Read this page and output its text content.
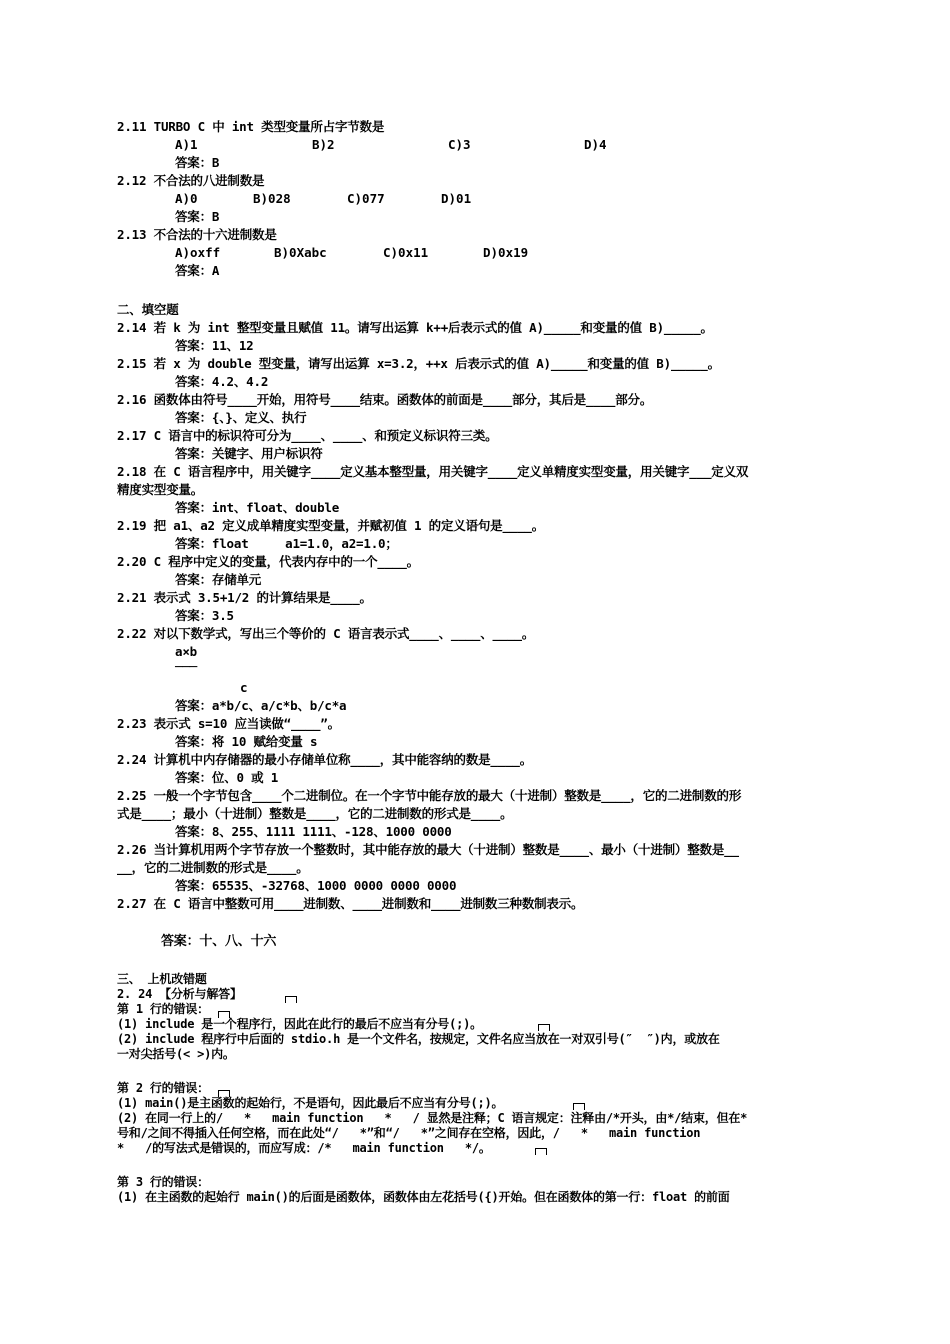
2.11 TURBO C 中 int 类型变量所占字节数是
A)1	B)2	C)3	D)4
答案：B
2.12 不合法的八进制数是
A)0	B)028	C)077	D)01
答案：B
2.13 不合法的十六进制数是
A)oxff	B)0Xabc	C)0x11	D)0x19
答案：A
二、填空题
2.14 若 k 为 int 整型变量且赋值 11。请写出运算 k++后表示式的值 A)_____和变量的值 B)_____。
答案：11、12
2.15 若 x 为 double 型变量，请写出运算 x=3.2，++x 后表示式的值 A)_____和变量的值 B)_____。
答案：4.2、4.2
2.16 函数体由符号____开始，用符号____结束。函数体的前面是____部分，其后是____部分。
答案：{、}、定义、执行
2.17 C 语言中的标识符可分为____、____、和预定义标识符三类。
答案：关键字、用户标识符
2.18 在 C 语言程序中，用关键字____定义基本整型量，用关键字____定义单精度实型变量，用关键字___定义双
精度实型变量。
答案：int、float、double
2.19 把 a1、a2 定义成单精度实型变量，并赋初值 1 的定义语句是____。
答案：float     a1=1.0，a2=1.0；
2.20 C 程序中定义的变量，代表内存中的一个____。
答案：存储单元
2.21 表示式 3.5+1/2 的计算结果是____。
答案：3.5
2.22 对以下数学式，写出三个等价的 C 语言表示式____、____、____。
a×b
───
c
答案：a*b/c、a/c*b、b/c*a
2.23 表示式 s=10 应当读做“____”。
答案：将 10 赋给变量 s
2.24 计算机中内存储器的最小存储单位称____，其中能容纳的数是____。
答案：位、0 或 1
2.25 一般一个字节包含____个二进制位。在一个字节中能存放的最大（十进制）整数是____，它的二进制数的形
式是____；最小（十进制）整数是____，它的二进制数的形式是____。
答案：8、255、1111 1111、-128、1000 0000
2.26 当计算机用两个字节存放一个整数时，其中能存放的最大（十进制）整数是____、最小（十进制）整数是__
__，它的二进制数的形式是____。
答案：65535、-32768、1000 0000 0000 0000
2.27 在 C 语言中整数可用____进制数、____进制数和____进制数三种数制表示。
答案：十、八、十六
三、 上机改错题
2. 24 【分析与解答】
第 1 行的错误：
(1) include 是一个程序行，因此在此行的最后不应当有分号(;)。
(2) include 程序行中后面的 stdio.h 是一个文件名，按规定，文件名应当放在一对双引号(″  ″)内，或放在
一对尖括号(< >)内。
第 2 行的错误：
(1) main()是主函数的起始行，不是语句，因此最后不应当有分号(;)。
(2) 在同一行上的/   *   main function   *   / 显然是注释；C 语言规定：注释由/*开头，由*/结束，但在*
号和/之间不得插入任何空格，而在此处“/   *”和“/   *”之间存在空格，因此，/   *   main function
*   /的写法式是错误的，而应写成：/*   main function   */。
第 3 行的错误：
(1) 在主函数的起始行 main()的后面是函数体，函数体由左花括号({)开始。但在函数体的第一行：float 的前面
